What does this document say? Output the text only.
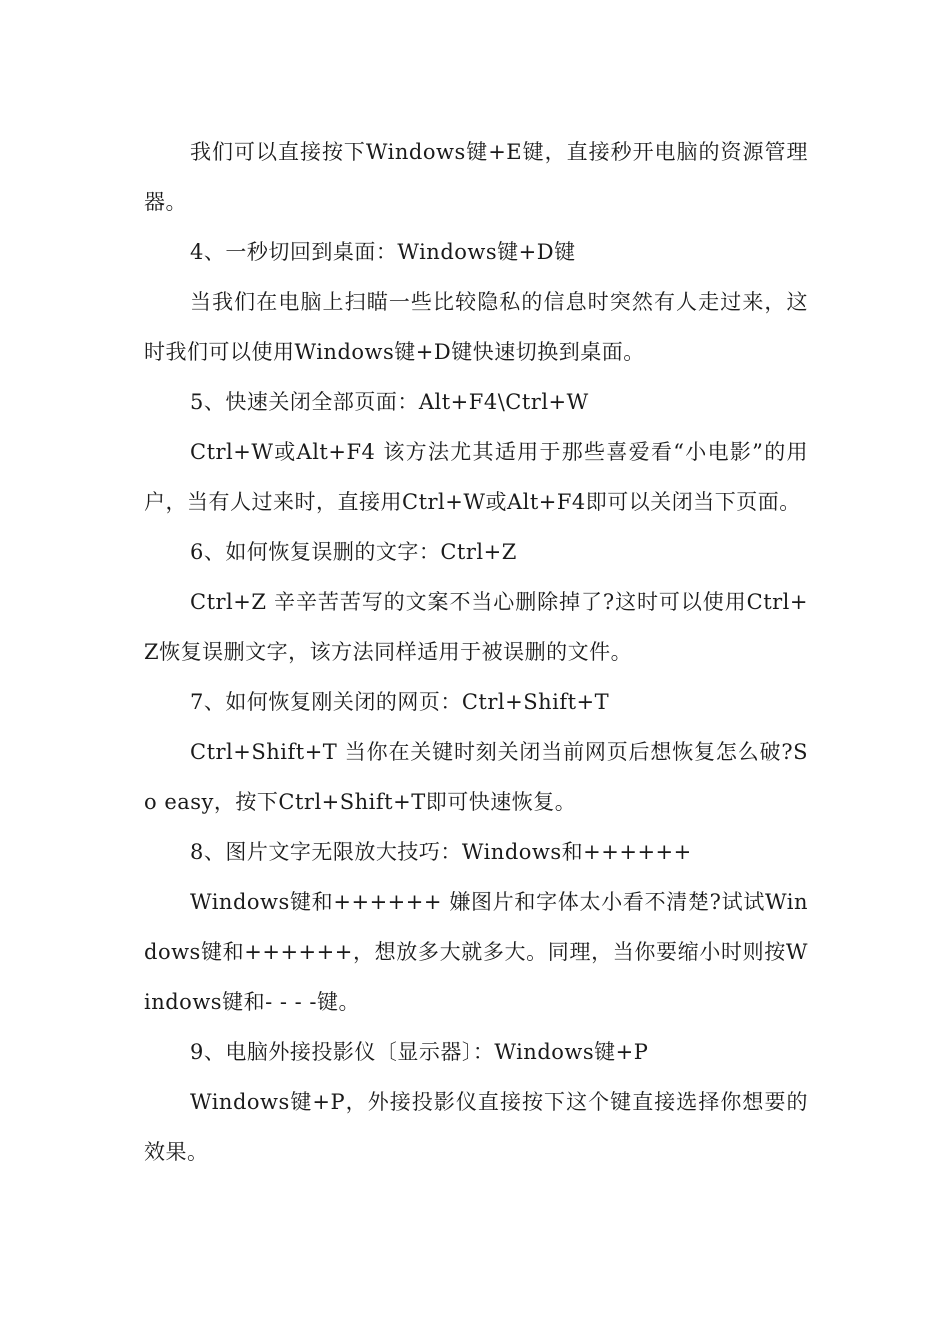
我们可以直接按下Windows键+E键，直接秒开电脑的资源管理器。

4、一秒切回到桌面：Windows键+D键

当我们在电脑上扫瞄一些比较隐私的信息时突然有人走过来，这时我们可以使用Windows键+D键快速切换到桌面。

5、快速关闭全部页面：Alt+F4\Ctrl+W

Ctrl+W或Alt+F4 该方法尤其适用于那些喜爱看“小电影”的用户，当有人过来时，直接用Ctrl+W或Alt+F4即可以关闭当下页面。

6、如何恢复误删的文字：Ctrl+Z

Ctrl+Z 辛辛苦苦写的文案不当心删除掉了?这时可以使用Ctrl+Z恢复误删文字，该方法同样适用于被误删的文件。

7、如何恢复刚关闭的网页：Ctrl+Shift+T

Ctrl+Shift+T 当你在关键时刻关闭当前网页后想恢复怎么破?So easy，按下Ctrl+Shift+T即可快速恢复。

8、图片文字无限放大技巧：Windows和++++++

Windows键和++++++ 嫌图片和字体太小看不清楚?试试Windows键和++++++，想放多大就多大。同理，当你要缩小时则按Windows键和- - - -键。

9、电脑外接投影仪〔显示器〕：Windows键+P

Windows键+P，外接投影仪直接按下这个键直接选择你想要的效果。
